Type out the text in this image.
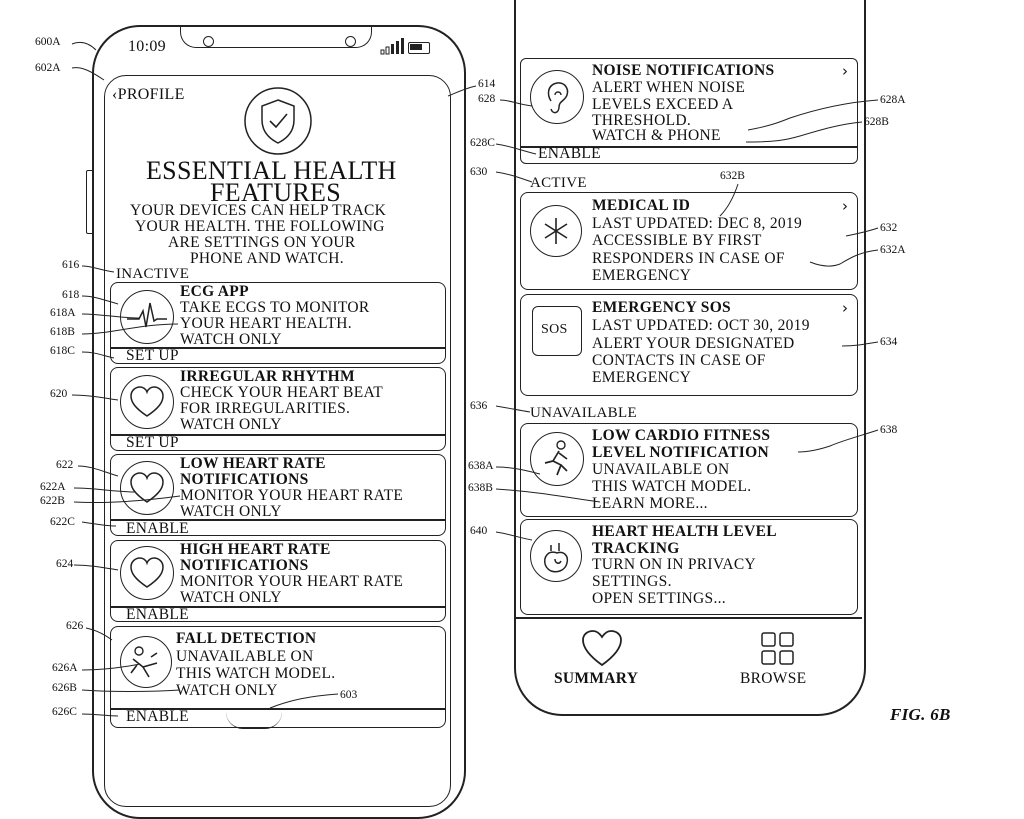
10:09
‹PROFILE
ESSENTIAL HEALTH
FEATURES
YOUR DEVICES CAN HELP TRACK
YOUR HEALTH. THE FOLLOWING
ARE SETTINGS ON YOUR
PHONE AND WATCH.
INACTIVE
ECG APP
TAKE ECGS TO MONITOR
YOUR HEART HEALTH.
WATCH ONLY
SET UP
IRREGULAR RHYTHM
CHECK YOUR HEART BEAT
FOR IRREGULARITIES.
WATCH ONLY
SET UP
LOW HEART RATE
NOTIFICATIONS
MONITOR YOUR HEART RATE
WATCH ONLY
ENABLE
HIGH HEART RATE
NOTIFICATIONS
MONITOR YOUR HEART RATE
WATCH ONLY
ENABLE
FALL DETECTION
UNAVAILABLE ON
THIS WATCH MODEL.
WATCH ONLY
ENABLE
NOISE NOTIFICATIONS	›
ALERT WHEN NOISE
LEVELS EXCEED A
THRESHOLD.
WATCH & PHONE
ENABLE
ACTIVE
MEDICAL ID	›
LAST UPDATED: DEC 8, 2019
ACCESSIBLE BY FIRST
RESPONDERS IN CASE OF
EMERGENCY
SOS
EMERGENCY SOS	›
LAST UPDATED: OCT 30, 2019
ALERT YOUR DESIGNATED
CONTACTS IN CASE OF
EMERGENCY
UNAVAILABLE
LOW CARDIO FITNESS
LEVEL NOTIFICATION
UNAVAILABLE ON
THIS WATCH MODEL.
LEARN MORE...
HEART HEALTH LEVEL
TRACKING
TURN ON IN PRIVACY
SETTINGS.
OPEN SETTINGS...
SUMMARY	BROWSE
FIG. 6B
600A
602A
614
616
618
618A
618B
618C
620
622
622A
622B
622C
624
626
626A
626B
626C
603
628	628A
628B
628C
630	632B
632
632A
634
636
638
638A
638B
640
